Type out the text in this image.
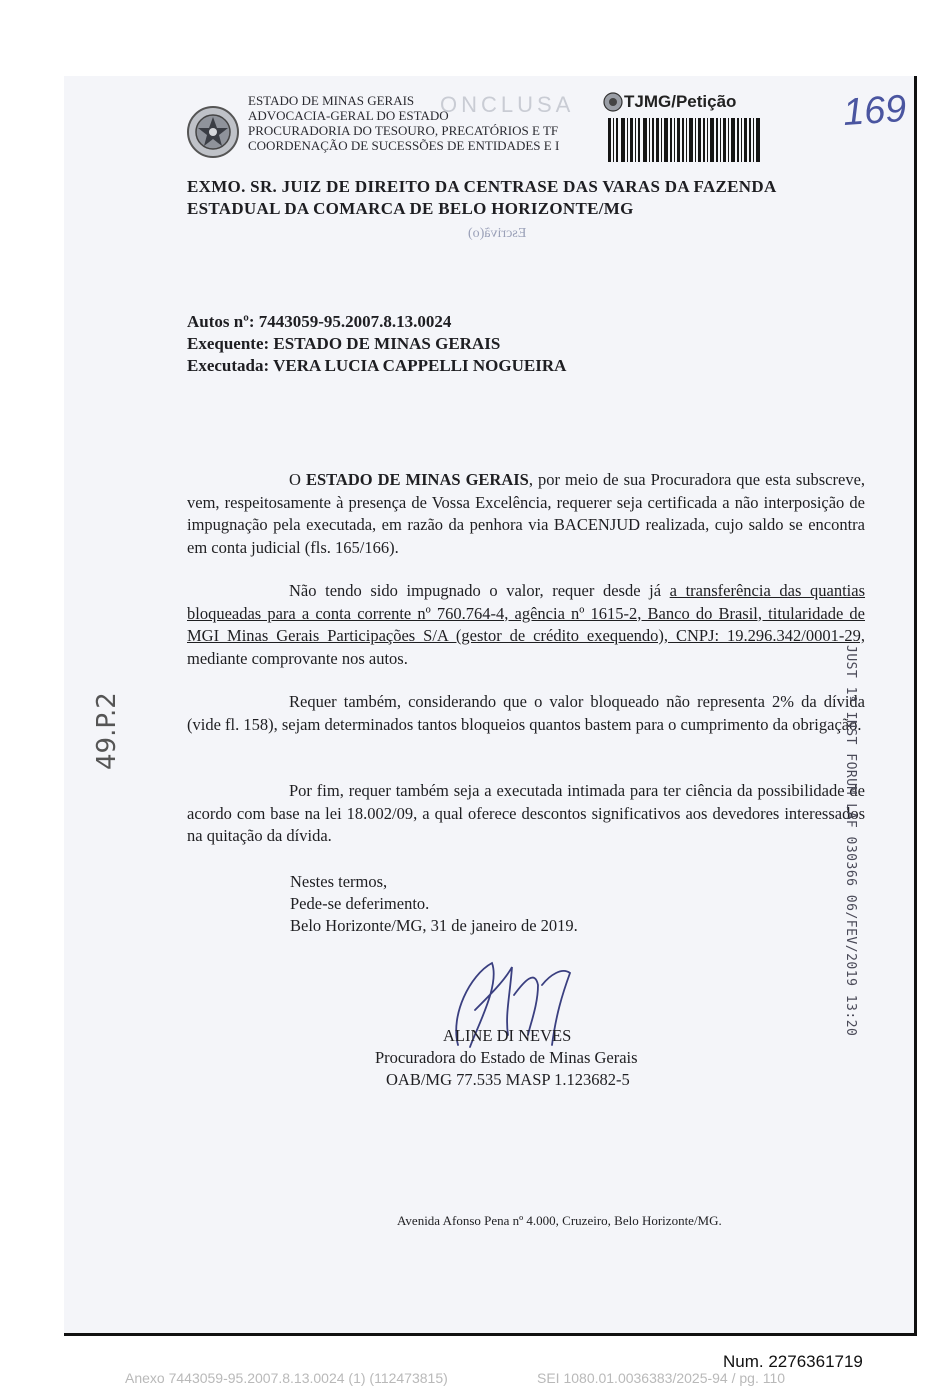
ONCLUSA
ESTADO DE MINAS GERAIS
ADVOCACIA-GERAL DO ESTADO
PROCURADORIA DO TESOURO, PRECATÓRIOS E TF
COORDENAÇÃO DE SUCESSÕES DE ENTIDADES E I
TJMG/Petição	169
EXMO. SR. JUIZ DE DIREITO DA CENTRASE DAS VARAS DA FAZENDA
ESTADUAL DA COMARCA DE BELO HORIZONTE/MG
Escrivã(o)
Autos nº: 7443059-95.2007.8.13.0024
Exequente: ESTADO DE MINAS GERAIS
Executada: VERA LUCIA CAPPELLI NOGUEIRA
O ESTADO DE MINAS GERAIS, por meio de sua Procuradora que esta subscreve, vem, respeitosamente à presença de Vossa Excelência, requerer seja certificada a não interposição de impugnação pela executada, em razão da penhora via BACENJUD realizada, cujo saldo se encontra em conta judicial (fls. 165/166).
Não tendo sido impugnado o valor, requer desde já a transferência das quantias bloqueadas para a conta corrente nº 760.764-4, agência nº 1615-2, Banco do Brasil, titularidade de MGI Minas Gerais Participações S/A (gestor de crédito exequendo), CNPJ: 19.296.342/0001-29, mediante comprovante nos autos.
Requer também, considerando que o valor bloqueado não representa 2% da dívida (vide fl. 158), sejam determinados tantos bloqueios quantos bastem para o cumprimento da obrigação.
Por fim, requer também seja a executada intimada para ter ciência da possibilidade de acordo com base na lei 18.002/09, a qual oferece descontos significativos aos devedores interessados na quitação da dívida.
Nestes termos,
Pede-se deferimento.
Belo Horizonte/MG, 31 de janeiro de 2019.
ALINE DI NEVES
Procuradora do Estado de Minas Gerais
OAB/MG 77.535 MASP 1.123682-5
Avenida Afonso Pena nº 4.000, Cruzeiro, Belo Horizonte/MG.
JUST 1ª INST FORUM LAF 030366 06/FEV/2019 13:20
49.P.2
Num. 2276361719
Anexo 7443059-95.2007.8.13.0024 (1) (112473815)	SEI 1080.01.0036383/2025-94 / pg. 110
